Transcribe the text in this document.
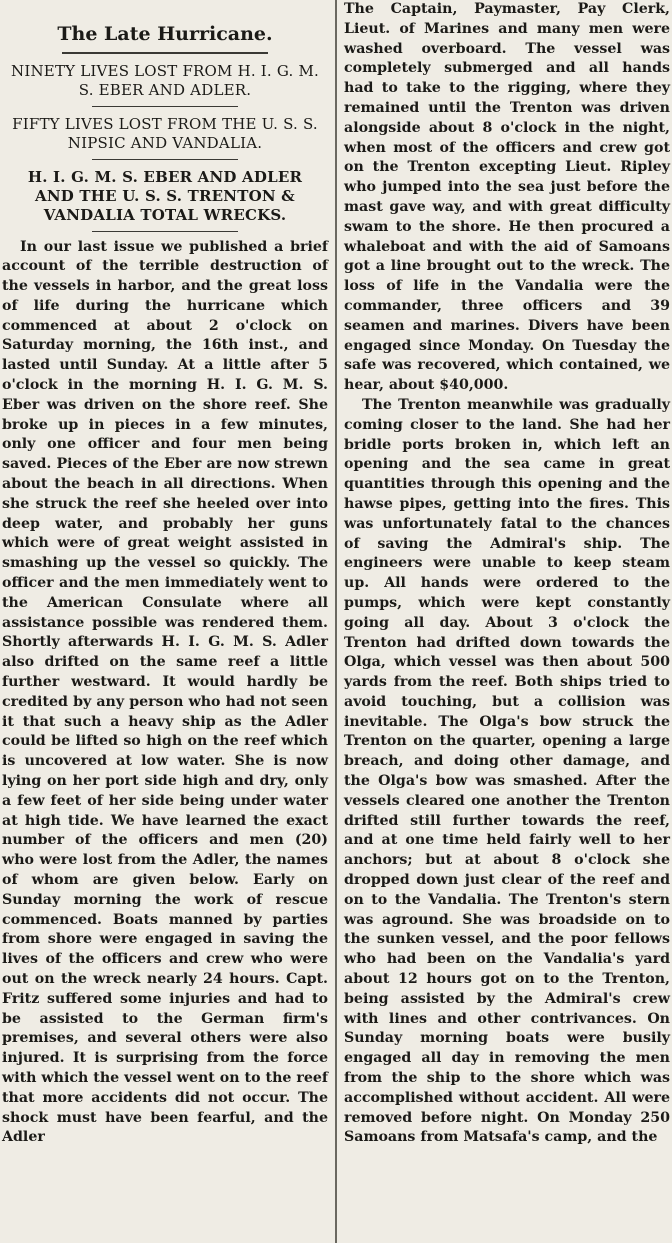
The Late Hurricane.
NINETY LIVES LOST FROM H. I. G. M. S. EBER AND ADLER.
FIFTY LIVES LOST FROM THE U. S. S. NIPSIC AND VANDALIA.
H. I. G. M. S. EBER AND ADLER AND THE U. S. S. TRENTON & VANDALIA TOTAL WRECKS.

In our last issue we published a brief account of the terrible destruction of the vessels in harbor, and the great loss of life during the hurricane which commenced at about 2 o'clock on Saturday morning, the 16th inst., and lasted until Sunday. At a little after 5 o'clock in the morning H. I. G. M. S. Eber was driven on the shore reef. She broke up in pieces in a few minutes, only one officer and four men being saved. Pieces of the Eber are now strewn about the beach in all directions. When she struck the reef she heeled over into deep water, and probably her guns which were of great weight assisted in smashing up the vessel so quickly. The officer and the men immediately went to the American Consulate where all assistance possible was rendered them. Shortly afterwards H. I. G. M. S. Adler also drifted on the same reef a little further westward. It would hardly be credited by any person who had not seen it that such a heavy ship as the Adler could be lifted so high on the reef which is uncovered at low water. She is now lying on her port side high and dry, only a few feet of her side being under water at high tide. We have learned the exact number of the officers and men (20) who were lost from the Adler, the names of whom are given below. Early on Sunday morning the work of rescue commenced. Boats manned by parties from shore were engaged in saving the lives of the officers and crew who were out on the wreck nearly 24 hours. Capt. Fritz suffered some injuries and had to be assisted to the German firm's premises, and several others were also injured. It is surprising from the force with which the vessel went on to the reef that more accidents did not occur. The shock must have been fearful, and the Adler

The Captain, Paymaster, Pay Clerk, Lieut. of Marines and many men were washed overboard. The vessel was completely submerged and all hands had to take to the rigging, where they remained until the Trenton was driven alongside about 8 o'clock in the night, when most of the officers and crew got on the Trenton excepting Lieut. Ripley who jumped into the sea just before the mast gave way, and with great difficulty swam to the shore. He then procured a whaleboat and with the aid of Samoans got a line brought out to the wreck. The loss of life in the Vandalia were the commander, three officers and 39 seamen and marines. Divers have been engaged since Monday. On Tuesday the safe was recovered, which contained, we hear, about $40,000.

The Trenton meanwhile was gradually coming closer to the land. She had her bridle ports broken in, which left an opening and the sea came in great quantities through this opening and the hawse pipes, getting into the fires. This was unfortunately fatal to the chances of saving the Admiral's ship. The engineers were unable to keep steam up. All hands were ordered to the pumps, which were kept constantly going all day. About 3 o'clock the Trenton had drifted down towards the Olga, which vessel was then about 500 yards from the reef. Both ships tried to avoid touching, but a collision was inevitable. The Olga's bow struck the Trenton on the quarter, opening a large breach, and doing other damage, and the Olga's bow was smashed. After the vessels cleared one another the Trenton drifted still further towards the reef, and at one time held fairly well to her anchors; but at about 8 o'clock she dropped down just clear of the reef and on to the Vandalia. The Trenton's stern was aground. She was broadside on to the sunken vessel, and the poor fellows who had been on the Vandalia's yard about 12 hours got on to the Trenton, being assisted by the Admiral's crew with lines and other contrivances. On Sunday morning boats were busily engaged all day in removing the men from the ship to the shore which was accomplished without accident. All were removed before night. On Monday 250 Samoans from Matsafa's camp, and the
